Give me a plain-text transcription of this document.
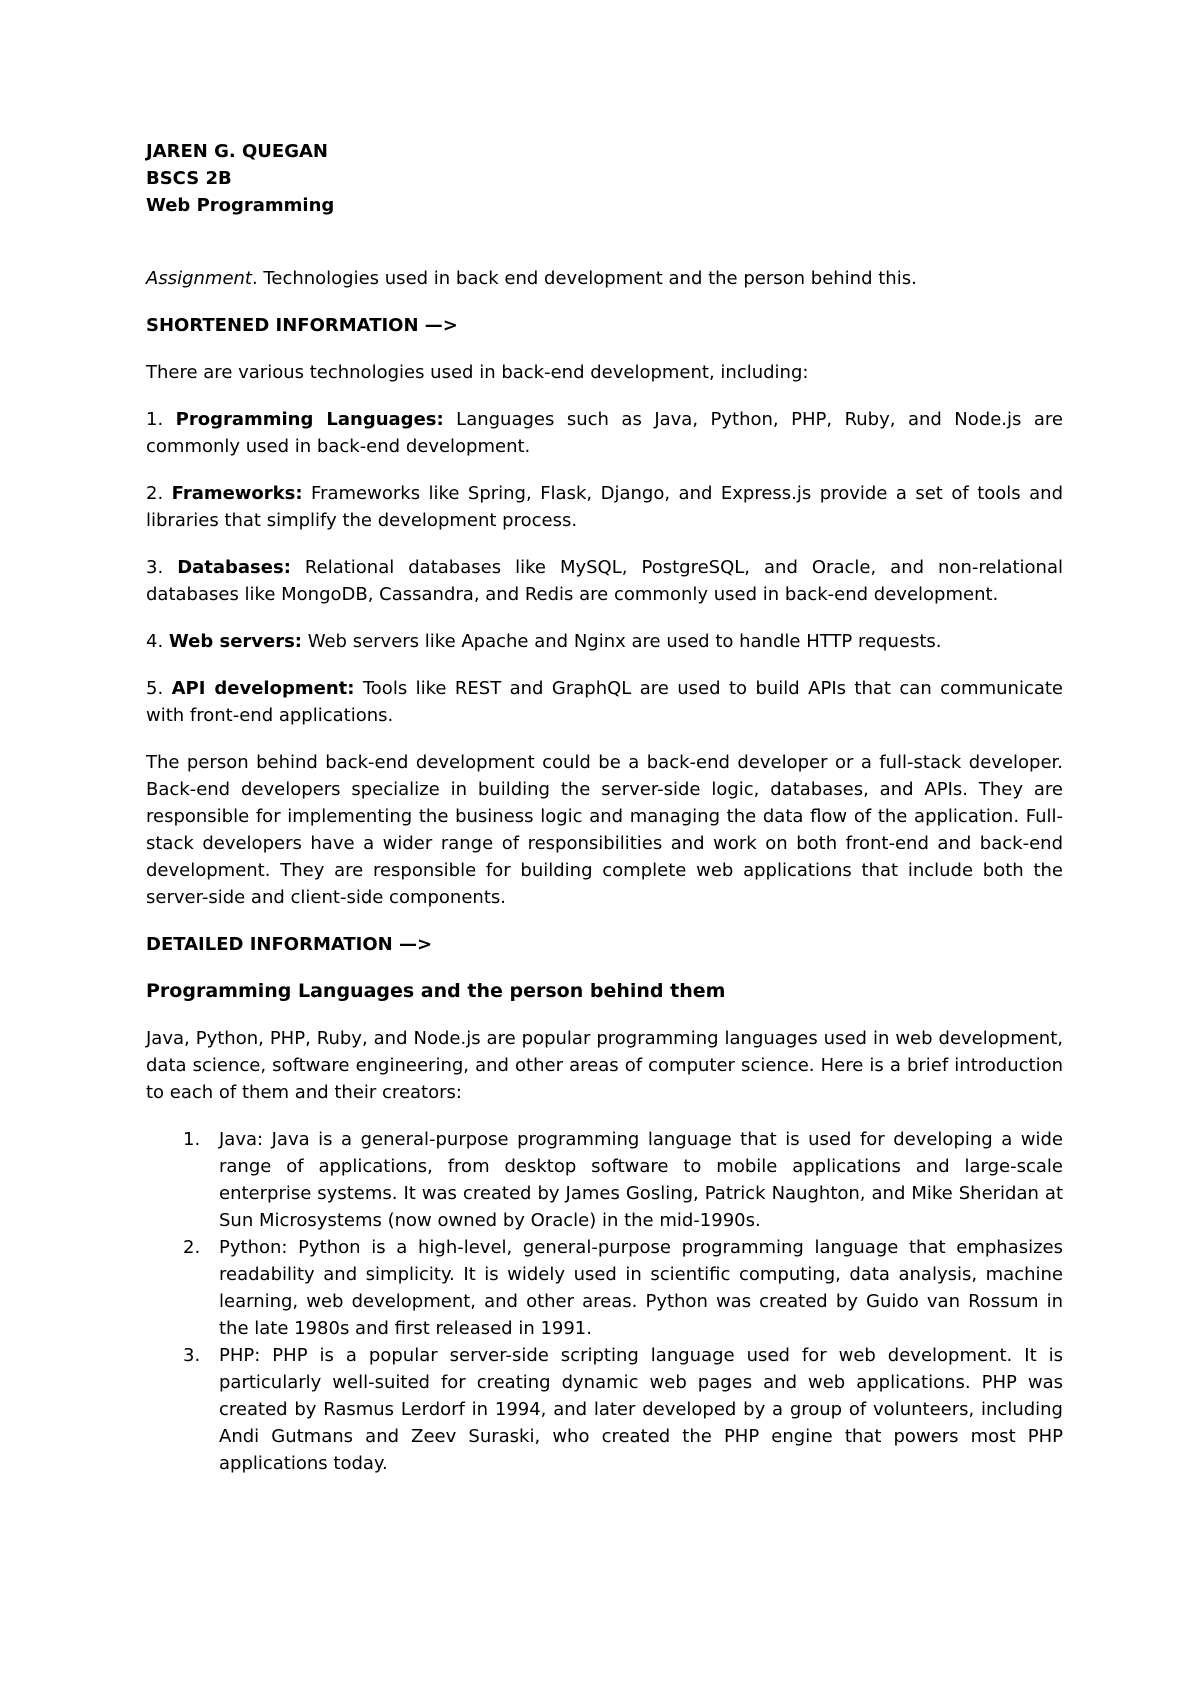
JAREN G. QUEGAN
BSCS 2B
Web Programming

Assignment. Technologies used in back end development and the person behind this.

SHORTENED INFORMATION —>

There are various technologies used in back-end development, including:

1. Programming Languages: Languages such as Java, Python, PHP, Ruby, and Node.js are commonly used in back-end development.

2. Frameworks: Frameworks like Spring, Flask, Django, and Express.js provide a set of tools and libraries that simplify the development process.

3. Databases: Relational databases like MySQL, PostgreSQL, and Oracle, and non-relational databases like MongoDB, Cassandra, and Redis are commonly used in back-end development.

4. Web servers: Web servers like Apache and Nginx are used to handle HTTP requests.

5. API development: Tools like REST and GraphQL are used to build APIs that can communicate with front-end applications.

The person behind back-end development could be a back-end developer or a full-stack developer. Back-end developers specialize in building the server-side logic, databases, and APIs. They are responsible for implementing the business logic and managing the data flow of the application. Full-stack developers have a wider range of responsibilities and work on both front-end and back-end development. They are responsible for building complete web applications that include both the server-side and client-side components.

DETAILED INFORMATION —>
Programming Languages and the person behind them

Java, Python, PHP, Ruby, and Node.js are popular programming languages used in web development, data science, software engineering, and other areas of computer science. Here is a brief introduction to each of them and their creators:

1. Java: Java is a general-purpose programming language that is used for developing a wide range of applications, from desktop software to mobile applications and large-scale enterprise systems. It was created by James Gosling, Patrick Naughton, and Mike Sheridan at Sun Microsystems (now owned by Oracle) in the mid-1990s.
2. Python: Python is a high-level, general-purpose programming language that emphasizes readability and simplicity. It is widely used in scientific computing, data analysis, machine learning, web development, and other areas. Python was created by Guido van Rossum in the late 1980s and first released in 1991.
3. PHP: PHP is a popular server-side scripting language used for web development. It is particularly well-suited for creating dynamic web pages and web applications. PHP was created by Rasmus Lerdorf in 1994, and later developed by a group of volunteers, including Andi Gutmans and Zeev Suraski, who created the PHP engine that powers most PHP applications today.
